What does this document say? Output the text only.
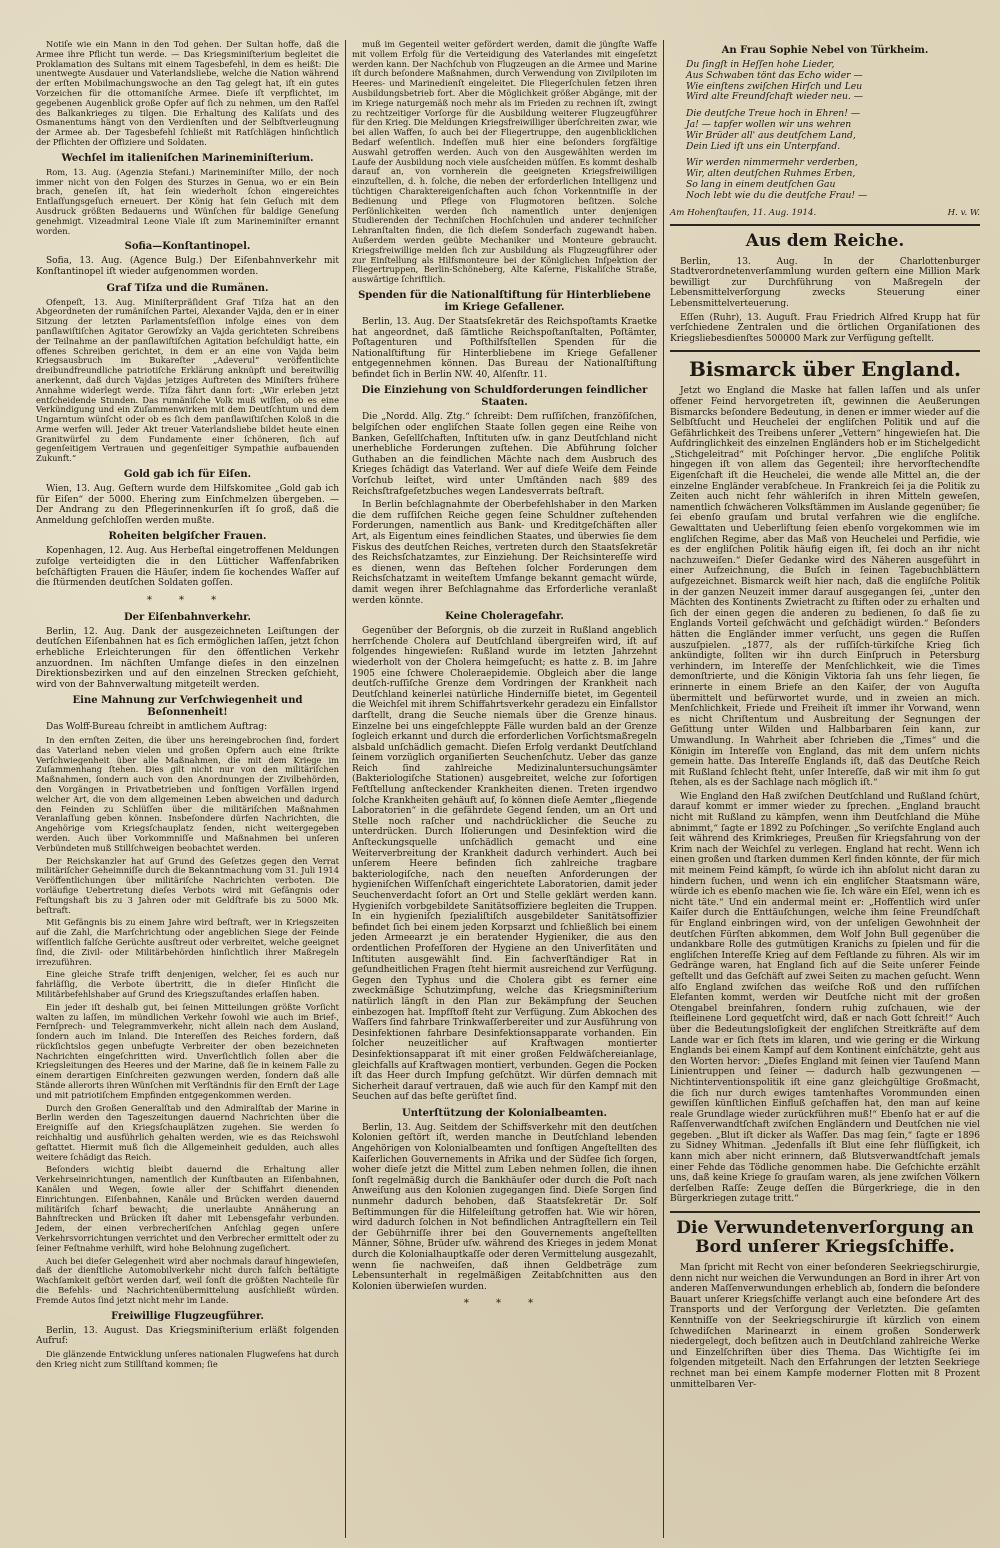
Notiſe wie ein Mann in den Tod gehen. Der Sultan hoffe, daß die Armee ihre Pflicht tun werde. — Das Kriegsminiſterium begleitet die Proklamation des Sultans mit einem Tagesbefehl, in dem es heißt: Die unentwegte Ausdauer und Vaterlandsliebe, welche die Nation während der erſten Mobilmachungswoche an den Tag gelegt hat, iſt ein gutes Vorzeichen für die ottomaniſche Armee. Dieſe iſt verpflichtet, im gegebenen Augenblick große Opfer auf ſich zu nehmen, um den Raſſel des Balkankrieges zu tilgen. Die Erhaltung des Kaliſats und des Osmanentums hängt von den Verdienſten und der Selbſtverleugnung der Armee ab. Der Tagesbefehl ſchließt mit Ratſchlägen hinſichtlich der Pflichten der Offiziere und Soldaten.

Wechſel im italieniſchen Marineminiſterium.

Rom, 13. Aug. (Agenzia Stefani.) Marineminiſter Millo, der noch immer nicht von den Folgen des Sturzes in Genua, wo er ein Bein brach, geneſen iſt, hat ſein wiederholt ſchon eingereichtes Entlaſſungsgeſuch erneuert. Der König hat ſein Geſuch mit dem Ausdruck größten Bedauerns und Wünſchen für baldige Geneſung genehmigt. Vizeadmiral Leone Viale iſt zum Marineminiſter ernannt worden.

Sofia—Konſtantinopel.

Sofia, 13. Aug. (Agence Bulg.) Der Eiſenbahnverkehr mit Konſtantinopel iſt wieder aufgenommen worden.

Graf Tiſza und die Rumänen.

Ofenpeſt, 13. Aug. Miniſterpräſident Graf Tiſza hat an den Abgeordneten der rumäniſchen Partei, Alexander Vajda, den er in einer Sitzung der letzten Parlamentsſeſſion infolge eines von dem panſlawiſtiſchen Agitator Gerowſzky an Vajda gerichteten Schreibens der Teilnahme an der panſlawiſtiſchen Agitation beſchuldigt hatte, ein offenes Schreiben gerichtet, in dem er an eine von Vajda beim Kriegsausbruch im Bukareſter „Adeverul“ veröffentlichte dreibundfreundliche patriotiſche Erklärung anknüpft und bereitwillig anerkennt, daß durch Vajdas jetziges Auftreten des Miniſters frühere Annahme widerlegt werde. Tiſza fährt dann fort: „Wir erleben jetzt entſcheidende Stunden. Das rumäniſche Volk muß wiſſen, ob es eine Verkündigung und ein Zuſammenwirken mit dem Deutſchtum und dem Ungarntum wünſcht oder ob es ſich dem panſlawiſtiſchen Koloß in die Arme werfen will. Jeder Akt treuer Vaterlandsliebe bildet heute einen Granitwürfel zu dem Fundamente einer ſchöneren, ſich auf gegenſeitigem Vertrauen und gegenſeitiger Sympathie aufbauenden Zukunft.“

Gold gab ich für Eiſen.

Wien, 13. Aug. Geſtern wurde dem Hilfskomitee „Gold gab ich für Eiſen“ der 5000. Ehering zum Einſchmelzen übergeben. — Der Andrang zu den Pflegerinnenkurſen iſt ſo groß, daß die Anmeldung geſchloſſen werden mußte.

Roheiten belgiſcher Frauen.

Kopenhagen, 12. Aug. Aus Herbeſtal eingetroffenen Meldungen zufolge verteidigten die in den Lütticher Waffenfabriken beſchäftigten Frauen die Häuſer, indem ſie kochendes Waſſer auf die ſtürmenden deutſchen Soldaten goſſen.

* * *
Der Eiſenbahnverkehr.

Berlin, 12. Aug. Dank der ausgezeichneten Leiſtungen der deutſchen Eiſenbahnen hat es ſich ermöglichen laſſen, jetzt ſchon erhebliche Erleichterungen für den öffentlichen Verkehr anzuordnen. Im nächſten Umfange dieſes in den einzelnen Direktionsbezirken und auf den einzelnen Strecken geſchieht, wird von der Bahnverwaltung mitgeteilt werden.

Eine Mahnung zur Verſchwiegenheit und Beſonnenheit!

Das Wolff-Bureau ſchreibt in amtlichem Auftrag:

In den ernſten Zeiten, die über uns hereingebrochen ſind, fordert das Vaterland neben vielen und großen Opfern auch eine ſtrikte Verſchwiegenheit über alle Maßnahmen, die mit dem Kriege im Zuſammenhang ſtehen. Dies gilt nicht nur von den militäriſchen Maßnahmen, ſondern auch von den Anordnungen der Zivilbehörden, den Vorgängen in Privatbetrieben und ſonſtigen Vorfällen irgend welcher Art, die von dem allgemeinen Leben abweichen und dadurch den Feinden zu Schlüſſen über die militäriſchen Maßnahmen Veranlaſſung geben können. Insbeſondere dürfen Nachrichten, die Angehörige vom Kriegsſchauplatz ſenden, nicht weitergegeben werden. Auch über Vorkommniſſe und Maßnahmen bei unſeren Verbündeten muß Stillſchweigen beobachtet werden.

Der Reichskanzler hat auf Grund des Geſetzes gegen den Verrat militäriſcher Geheimniſſe durch die Bekanntmachung vom 31. Juli 1914 Veröffentlichungen über militäriſche Nachrichten verboten. Die vorläufige Uebertretung dieſes Verbots wird mit Gefängnis oder Feſtungshaft bis zu 3 Jahren oder mit Geldſtrafe bis zu 5000 Mk. beſtraft.

Mit Gefängnis bis zu einem Jahre wird beſtraft, wer in Kriegszeiten auf die Zahl, die Marſchrichtung oder angeblichen Siege der Feinde wiſſentlich falſche Gerüchte ausſtreut oder verbreitet, welche geeignet ſind, die Zivil- oder Militärbehörden hinſichtlich ihrer Maßregeln irrezuführen.

Eine gleiche Strafe trifft denjenigen, welcher, ſei es auch nur fahrläſſig, die Verbote übertritt, die in dieſer Hinſicht die Militärbefehlshaber auf Grund des Kriegszuſtandes erlaſſen haben.

Ein jeder iſt deshalb gut, bei ſeinen Mitteilungen größte Vorſicht walten zu laſſen, im mündlichen Verkehr ſowohl wie auch im Brief-, Fernſprech- und Telegrammverkehr, nicht allein nach dem Ausland, ſondern auch im Inland. Die Intereſſen des Reiches fordern, daß rückſichtslos gegen unbefugte Verbreiter der oben bezeichneten Nachrichten eingeſchritten wird. Unverſichtlich ſollen aber die Kriegsleitungen des Heeres und der Marine, daß ſie in keinem Falle zu einem derartigen Einſchreiten gezwungen werden, ſondern daß alle Stände allerorts ihren Wünſchen mit Verſtändnis für den Ernſt der Lage und mit patriotiſchem Empfinden entgegenkommen werden.

Durch den Großen Generalſtab und den Admiralſtab der Marine in Berlin werden den Tageszeitungen dauernd Nachrichten über die Ereigniſſe auf den Kriegsſchauplätzen zugehen. Sie werden ſo reichhaltig und ausführlich gehalten werden, wie es das Reichswohl geſtattet. Hiermit muß ſich die Allgemeinheit gedulden, auch alles weitere ſchädigt das Reich.

Beſonders wichtig bleibt dauernd die Erhaltung aller Verkehrseinrichtungen, namentlich der Kunſtbauten an Eiſenbahnen, Kanälen und Wegen, ſowie aller der Schiffahrt dienenden Einrichtungen. Eiſenbahnen, Kanäle und Brücken werden dauernd militäriſch ſcharf bewacht; die unerlaubte Annäherung an Bahnſtrecken und Brücken iſt daher mit Lebensgefahr verbunden. Jedem, der einen verbrecheriſchen Anſchlag gegen unſere Verkehrsvorrichtungen verrichtet und den Verbrecher ermittelt oder zu ſeiner Feſtnahme verhilft, wird hohe Belohnung zugeſichert.

Auch bei dieſer Gelegenheit wird aber nochmals darauf hingewieſen, daß der dienſtliche Automobilverkehr nicht durch falſch beſtätigte Wachſamkeit geſtört werden darf, weil ſonſt die größten Nachteile für die Befehls- und Nachrichtenübermittelung ausſchließt würden. Fremde Autos ſind jetzt nicht mehr im Lande.

Freiwillige Flugzeugführer.

Berlin, 13. August. Das Kriegsminiſterium erläßt folgenden Aufruf:

Die glänzende Entwicklung unſeres nationalen Flugweſens hat durch den Krieg nicht zum Stillſtand kommen; ſie

muß im Gegenteil weiter gefördert werden, damit die jüngſte Waffe mit vollem Erfolg für die Verteidigung des Vaterlandes mit eingeſetzt werden kann. Der Nachſchub von Flugzeugen an die Armee und Marine iſt durch beſondere Maßnahmen, durch Verwendung von Zivilpiloten im Heeres- und Marinedienſt eingeleitet. Die Fliegerſchulen ſetzen ihren Ausbildungsbetrieb fort. Aber die Möglichkeit größer Abgänge, mit der im Kriege naturgemäß noch mehr als im Frieden zu rechnen iſt, zwingt zu rechtzeitiger Vorſorge für die Ausbildung weiterer Flugzeugführer für den Krieg. Die Meldungen Kriegsfreiwilliger überſchreiten zwar, wie bei allen Waffen, ſo auch bei der Fliegertruppe, den augenblicklichen Bedarf weſentlich. Indeſſen muß hier eine beſonders ſorgfältige Auswahl getroffen werden. Auch von den Ausgewählten werden im Laufe der Ausbildung noch viele ausſcheiden müſſen. Es kommt deshalb darauf an, von vornherein die geeigneten Kriegsfreiwilligen einzuſtellen, d. h. ſolche, die neben der erforderlichen Intelligenz und tüchtigen Charaktereigenſchaften auch ſchon Vorkenntniſſe in der Bedienung und Pflege von Flugmotoren beſitzen. Solche Perſönlichkeiten werden ſich namentlich unter denjenigen Studierenden der Techniſchen Hochſchulen und anderer techniſcher Lehranſtalten finden, die ſich dieſem Sonderfach zugewandt haben. Außerdem werden geübte Mechaniker und Monteure gebraucht. Kriegsfreiwillige melden ſich zur Ausbildung als Flugzeugführer oder zur Einſtellung als Hilfsmonteure bei der Königlichen Inſpektion der Fliegertruppen, Berlin-Schöneberg, Alte Kaſerne, Fiskaliſche Straße, auswärtige ſchriftlich.

Spenden für die Nationalſtiftung für Hinterbliebene im Kriege Gefallener.

Berlin, 13. Aug. Der Staatsſekretär des Reichspoſtamts Kraetke hat angeordnet, daß ſämtliche Reichspoſtanſtalten, Poſtämter, Poſtagenturen und Poſthilfsſtellen Spenden für die Nationalſtiftung für Hinterbliebene im Kriege Gefallener entgegennehmen können. Das Bureau der Nationalſtiftung befindet ſich in Berlin NW. 40, Alſenſtr. 11.

Die Einziehung von Schuldforderungen feindlicher Staaten.

Die „Nordd. Allg. Ztg.“ ſchreibt: Dem ruſſiſchen, franzöſiſchen, belgiſchen oder engliſchen Staate ſollen gegen eine Reihe von Banken, Geſellſchaften, Inſtituten uſw. in ganz Deutſchland nicht unerhebliche Forderungen zuſtehen. Die Abführung ſolcher Guthaben an die feindlichen Mächte nach dem Ausbruch des Krieges ſchädigt das Vaterland. Wer auf dieſe Weiſe dem Feinde Vorſchub leiſtet, wird unter Umſtänden nach §89 des Reichsſtrafgeſetzbuches wegen Landesverrats beſtraft.

In Berlin beſchlagnahmte der Oberbefehlshaber in den Marken die dem ruſſiſchen Reiche gegen ſeine Schuldner zuſtehenden Forderungen, namentlich aus Bank- und Kreditgeſchäften aller Art, als Eigentum eines feindlichen Staates, und überwies ſie dem Fiskus des deutſchen Reiches, vertreten durch den Staatsſekretär des Reichsſchatzamtes, zur Einziehung. Der Reichsintereſſe wird es dienen, wenn das Beſtehen ſolcher Forderungen dem Reichsſchatzamt in weiteſtem Umfange bekannt gemacht würde, damit wegen ihrer Beſchlagnahme das Erforderliche veranlaßt werden könnte.

Keine Choleragefahr.

Gegenüber der Beſorgnis, ob die zurzeit in Rußland angeblich herrſchende Cholera auf Deutſchland übergreifen wird, iſt auf folgendes hingewieſen: Rußland wurde im letzten Jahrzehnt wiederholt von der Cholera heimgeſucht; es hatte z. B. im Jahre 1905 eine ſchwere Choleraepidemie. Obgleich aber die lange deutſch-ruſſiſche Grenze dem Vordringen der Krankheit nach Deutſchland keinerlei natürliche Hinderniſſe bietet, im Gegenteil die Weichſel mit ihrem Schiffahrtsverkehr geradezu ein Einfallstor darſtellt, drang die Seuche niemals über die Grenze hinaus. Einzelne bei uns eingeſchleppte Fälle wurden bald an der Grenze ſogleich erkannt und durch die erforderlichen Vorſichtsmaßregeln alsbald unſchädlich gemacht. Dieſen Erfolg verdankt Deutſchland ſeinem vorzüglich organiſierten Seuchenſchutz. Ueber das ganze Reich ſind zahlreiche Medizinaluntersuchungsämter (Bakteriologiſche Stationen) ausgebreitet, welche zur ſofortigen Feſtſtellung anſteckender Krankheiten dienen. Treten irgendwo ſolche Krankheiten gehäuft auf, ſo können dieſe Aemter „fliegende Laboratorien“ in die gefährdete Gegend ſenden, um an Ort und Stelle noch raſcher und nachdrücklicher die Seuche zu unterdrücken. Durch Iſolierungen und Desinfektion wird die Anſteckungsquelle unſchädlich gemacht und eine Weiterverbreitung der Krankheit dadurch verhindert. Auch bei unſerem Heere befinden ſich zahlreiche tragbare bakteriologiſche, nach den neueſten Anforderungen der hygieniſchen Wiſſenſchaft eingerichtete Laboratorien, damit jeder Seuchenverdacht ſofort an Ort und Stelle geklärt werden kann. Hygieniſch vorbgebildete Sanitätsoffiziere begleiten die Truppen. In ein hygieniſch ſpezialiſtiſch ausgebildeter Sanitätsoffizier befindet ſich bei einem jeden Korpsarzt und ſchließlich bei einem jeden Armeearzt je ein beratender Hygieniker, die aus den ordentlichen Profeſſoren der Hygiene an den Univerſitäten und Inſtituten ausgewählt ſind. Ein ſachverſtändiger Rat in geſundheitlichen Fragen ſteht hiermit ausreichend zur Verfügung. Gegen den Typhus und die Cholera gibt es ferner eine zweckmäßige Schutzimpfung, welche das Kriegsminiſterium natürlich längſt in den Plan zur Bekämpfung der Seuchen einbezogen hat. Impfſtoff ſteht zur Verfügung. Zum Abkochen des Waſſers ſind fahrbare Trinkwaſſerbereiter und zur Ausführung von Desinfektionen fahrbare Desinfektionsapparate vorhanden. Ein ſolcher neuzeitlicher auf Kraftwagen montierter Desinfektionsapparat iſt mit einer großen Feldwäſchereianlage, gleichfalls auf Kraftwagen montiert, verbunden. Gegen die Pocken iſt das Heer durch Impfung geſchützt. Wir dürfen demnach mit Sicherheit darauf vertrauen, daß wie auch für den Kampf mit den Seuchen auf das beſte gerüſtet ſind.

Unterſtützung der Kolonialbeamten.

Berlin, 13. Aug. Seitdem der Schiffsverkehr mit den deutſchen Kolonien geſtört iſt, werden manche in Deutſchland lebenden Angehörigen von Kolonialbeamten und ſonſtigen Angeſtellten des Kaiſerlichen Gouvernements in Afrika und der Südſee ſich ſorgen, woher dieſe jetzt die Mittel zum Leben nehmen ſollen, die ihnen ſonſt regelmäßig durch die Bankhäuſer oder durch die Poſt nach Anweiſung aus den Kolonien zugegangen ſind. Dieſe Sorgen ſind nunmehr dadurch behoben, daß Staatsſekretär Dr. Solf Beſtimmungen für die Hilfeleiſtung getroffen hat. Wie wir hören, wird dadurch ſolchen in Not befindlichen Antragſtellern ein Teil der Gebührniſſe ihrer bei den Gouvernements angeſtellten Männer, Söhne, Brüder uſw. während des Krieges in jedem Monat durch die Kolonialhauptkaſſe oder deren Vermittelung ausgezahlt, wenn ſie nachweiſen, daß ihnen Geldbeträge zum Lebensunterhalt in regelmäßigen Zeitabſchnitten aus den Kolonien überwieſen wurden.

* * *
An Frau Sophie Nebel von Türkheim.
Du ſingſt in Heſſen hohe Lieder,
Aus Schwaben tönt das Echo wider —
Wie einſtens zwiſchen Hirſch und Leu
Wird alte Freundſchaft wieder neu. —
Die deutſche Treue hoch in Ehren! —
Ja! — tapfer wollen wir uns wehren
Wir Brüder all' aus deutſchem Land,
Dein Lied iſt uns ein Unterpfand.
Wir werden nimmermehr verderben,
Wir, alten deutſchen Ruhmes Erben,
So lang in einem deutſchen Gau
Noch lebt wie du die deutſche Frau! —
Am Hohenſtaufen, 11. Aug. 1914.	H. v. W.
Aus dem Reiche.

Berlin, 13. Aug. In der Charlottenburger Stadtverordnetenverſammlung wurden geſtern eine Million Mark bewilligt zur Durchführung von Maßregeln der Lebensmittelverſorgung zwecks Steuerung einer Lebensmittelverteuerung.

Eſſen (Ruhr), 13. Auguſt. Frau Friedrich Alfred Krupp hat für verſchiedene Zentralen und die örtlichen Organiſationen des Kriegsliebesdienſtes 500000 Mark zur Verfügung geſtellt.

Bismarck über England.

Jetzt wo England die Maske hat fallen laſſen und als unſer offener Feind hervorgetreten iſt, gewinnen die Aeußerungen Bismarcks beſondere Bedeutung, in denen er immer wieder auf die Selbſtſucht und Heuchelei der engliſchen Politik und auf die Gefährlichkeit des Treibens unſerer „Vettern“ hingewieſen hat. Die Aufdringlichkeit des einzelnen Engländers hob er im Stichelgedicht „Stichgeleitrad“ mit Poſchinger hervor. „Die engliſche Politik hingegen iſt von allem das Gegenteil; ihre hervorſtechendſte Eigenſchaft iſt die Heuchelei, die wende alle Mittel an, die der einzelne Engländer verabſcheue. In Frankreich ſei ja die Politik zu Zeiten auch nicht ſehr wähleriſch in ihren Mitteln geweſen, namentlich ſchwächeren Volksſtämmen im Auslande gegenüber; ſie ſei ebenſo grauſam und brutal verfahren wie die engliſche. Gewalttaten und Ueberliſtung ſeien ebenſo vorgekommen wie im engliſchen Regime, aber das Maß von Heuchelei und Perfidie, wie es der engliſchen Politik häufig eigen iſt, ſei doch an ihr nicht nachzuweiſen.“ Dieſer Gedanke wird des Näheren ausgeführt in einer Aufzeichnung, die Buſch in ſeinen Tagebuchblättern aufgezeichnet. Bismarck weiſt hier nach, daß die engliſche Politik in der ganzen Neuzeit immer darauf ausgegangen ſei, „unter den Mächten des Kontinents Zwietracht zu ſtiften oder zu erhalten und ſich der einen gegen die anderen zu bedienen, ſo daß ſie zu Englands Vorteil geſchwächt und geſchädigt würden.“ Beſonders hätten die Engländer immer verſucht, uns gegen die Ruſſen auszuſpielen. „1877, als der ruſſiſch-türkiſche Krieg ſich ankündigte, ſollten wir ihn durch Einſpruch in Petersburg verhindern, im Intereſſe der Menſchlichkeit, wie die Times demonſtrierte, und die Königin Viktoria ſah uns ſehr liegen, ſie erinnerte in einem Briefe an den Kaiſer, der von Auguſta übermittelt und befürwortet wurde, und in zweien an mich. Menſchlichkeit, Friede und Freiheit iſt immer ihr Vorwand, wenn es nicht Chriſtentum und Ausbreitung der Segnungen der Geſittung unter Wilden und Halbbarbaren ſein kann, zur Umwandlung. In Wahrheit aber ſchrieben die „Times“ und die Königin im Intereſſe von England, das mit dem unſern nichts gemein hatte. Das Intereſſe Englands iſt, daß das Deutſche Reich mit Rußland ſchlecht ſteht, unſer Intereſſe, daß wir mit ihm ſo gut ſtehen, als es der Sachlage nach möglich iſt.“

Wie England den Haß zwiſchen Deutſchland und Rußland ſchürt, darauf kommt er immer wieder zu ſprechen. „England braucht nicht mit Rußland zu kämpfen, wenn ihm Deutſchland die Mühe abnimmt,“ ſagte er 1892 zu Poſchinger. „So veriſchte England auch ſeit während des Krimkrieges, Preußen für Kriegsfahrung von der Krim nach der Weichſel zu verlegen. England hat recht. Wenn ich einen großen und ſtarken dummen Kerl finden könnte, der für mich mit meinem Feind kämpft, ſo würde ich ihn abſolut nicht daran zu hindern ſuchen, und wenn ich ein engliſcher Staatsmann wäre, würde ich es ebenſo machen wie ſie. Ich wäre ein Eſel, wenn ich es nicht täte.“ Und ein andermal meint er: „Hoffentlich wird unſer Kaiſer durch die Enttäuſchungen, welche ihm ſeine Freundſchaft für England einbringen wird, von der unſeligen Gewohnheit der deutſchen Fürſten abkommen, dem Wolf John Bull gegenüber die undankbare Rolle des gutmütigen Kranichs zu ſpielen und für die engliſchen Intereſſe Krieg auf dem Feſtlande zu führen. Als wir im Gedränge waren, hat England ſich auf die Seite unſerer Feinde geſtellt und das Geſchäft auf zwei Seiten zu machen geſucht. Wenn alſo England zwiſchen das weiſche Roß und den ruſſiſchen Elefanten kommt, werden wir Deutſche nicht mit der großen Otengabel breinfahren, ſondern ruhig zuſchauen, wie der ſteifleinene Lord gequetſcht wird, daß er nach Gott ſchreit!“ Auch über die Bedeutungsloſigkeit der engliſchen Streitkräfte auf dem Lande war er ſich ſtets im klaren, und wie gering er die Wirkung Englands bei einem Kampf auf dem Kontinent einſchätzte, geht aus den Worten hervor: „Dieſes England mit ſeinen vier Tauſend Mann Linientruppen und ſeiner — dadurch halb gezwungenen — Nichtinterventionspolitik iſt eine ganz gleichgültige Großmacht, die ſich nur durch ewiges tamtenhaftes Vorommunden einen gewiſſen künſtlichen Einfluß geſchaffen hat, den man auf keine reale Grundlage wieder zurückführen muß!“ Ebenſo hat er auf die Raſſenverwandtſchaft zwiſchen Engländern und Deutſchen nie viel gegeben. „Blut iſt dicker als Waſſer. Das mag ſein,“ ſagte er 1896 zu Sidney Whitman. „Jedenfalls iſt Blut eine ſehr flüſſigkeit, ich kann mich aber nicht erinnern, daß Blutsverwandtſchaft jemals einer Fehde das Tödliche genommen habe. Die Geſchichte erzählt uns, daß keine Kriege ſo grauſam waren, als jene zwiſchen Völkern derſelben Raſſe: Zeuge deſſen die Bürgerkriege, die in den Bürgerkriegen zutage tritt.“

Die Verwundetenverſorgung an Bord unſerer Kriegsſchiffe.

Man ſpricht mit Recht von einer beſonderen Seekriegschirurgie, denn nicht nur weichen die Verwundungen an Bord in ihrer Art von anderen Maſſenverwundungen erheblich ab, ſondern die beſondere Bauart unſerer Kriegsſchiffe verlangt auch eine beſondere Art des Transports und der Verſorgung der Verletzten. Die geſamten Kenntniſſe von der Seekriegschirurgie iſt kürzlich von einem ſchwediſchen Marinearzt in einem großen Sonderwerk niedergelegt, doch beſitzen auch in Deutſchland zahlreiche Werke und Einzelſchriften über dies Thema. Das Wichtigſte ſei im folgenden mitgeteilt. Nach den Erfahrungen der letzten Seekriege rechnet man bei einem Kampfe moderner Flotten mit 8 Prozent unmittelbaren Ver-
